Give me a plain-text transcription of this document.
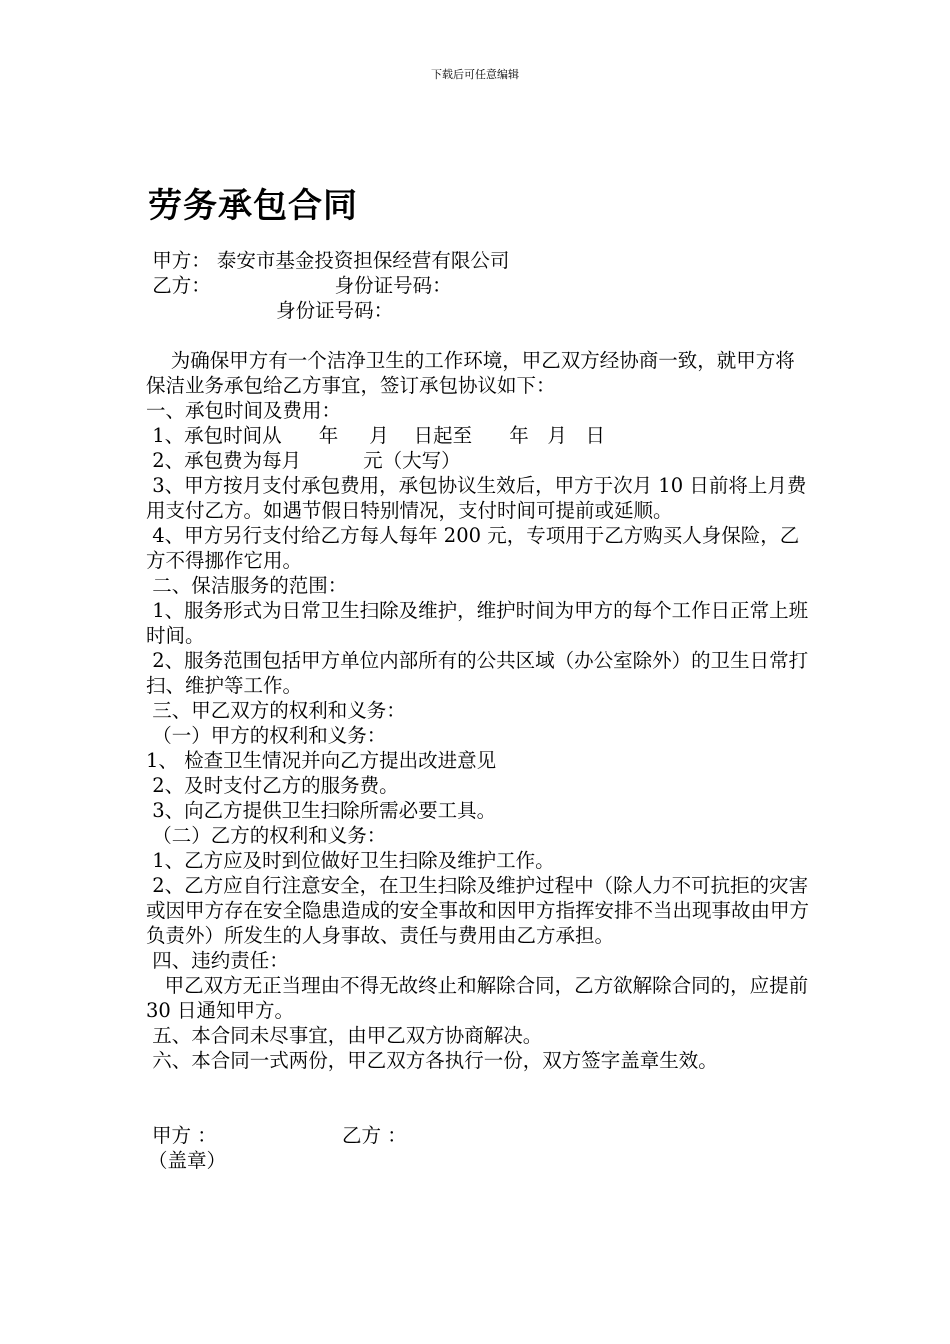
下载后可任意编辑
劳务承包合同

甲方： 泰安市基金投资担保经营有限公司

乙方：                    身份证号码：

身份证号码：

为确保甲方有一个洁净卫生的工作环境，甲乙双方经协商一致，就甲方将保洁业务承包给乙方事宜，签订承包协议如下：

一、承包时间及费用：

1、承包时间从      年     月    日起至      年   月   日

2、承包费为每月          元（大写）

3、甲方按月支付承包费用，承包协议生效后，甲方于次月 10 日前将上月费用支付乙方。如遇节假日特别情况，支付时间可提前或延顺。

4、甲方另行支付给乙方每人每年 200 元，专项用于乙方购买人身保险，乙方不得挪作它用。

二、保洁服务的范围：

1、服务形式为日常卫生扫除及维护，维护时间为甲方的每个工作日正常上班时间。

2、服务范围包括甲方单位内部所有的公共区域（办公室除外）的卫生日常打扫、维护等工作。

三、甲乙双方的权利和义务：

（一）甲方的权利和义务：

1、 检查卫生情况并向乙方提出改进意见

2、及时支付乙方的服务费。

3、向乙方提供卫生扫除所需必要工具。

（二）乙方的权利和义务：

1、乙方应及时到位做好卫生扫除及维护工作。

2、乙方应自行注意安全，在卫生扫除及维护过程中（除人力不可抗拒的灾害或因甲方存在安全隐患造成的安全事故和因甲方指挥安排不当出现事故由甲方负责外）所发生的人身事故、责任与费用由乙方承担。

四、违约责任：

甲乙双方无正当理由不得无故终止和解除合同，乙方欲解除合同的，应提前 30 日通知甲方。

五、本合同未尽事宜，由甲乙双方协商解决。

六、本合同一式两份，甲乙双方各执行一份，双方签字盖章生效。

甲方 ：	乙方 ：

（盖章）
